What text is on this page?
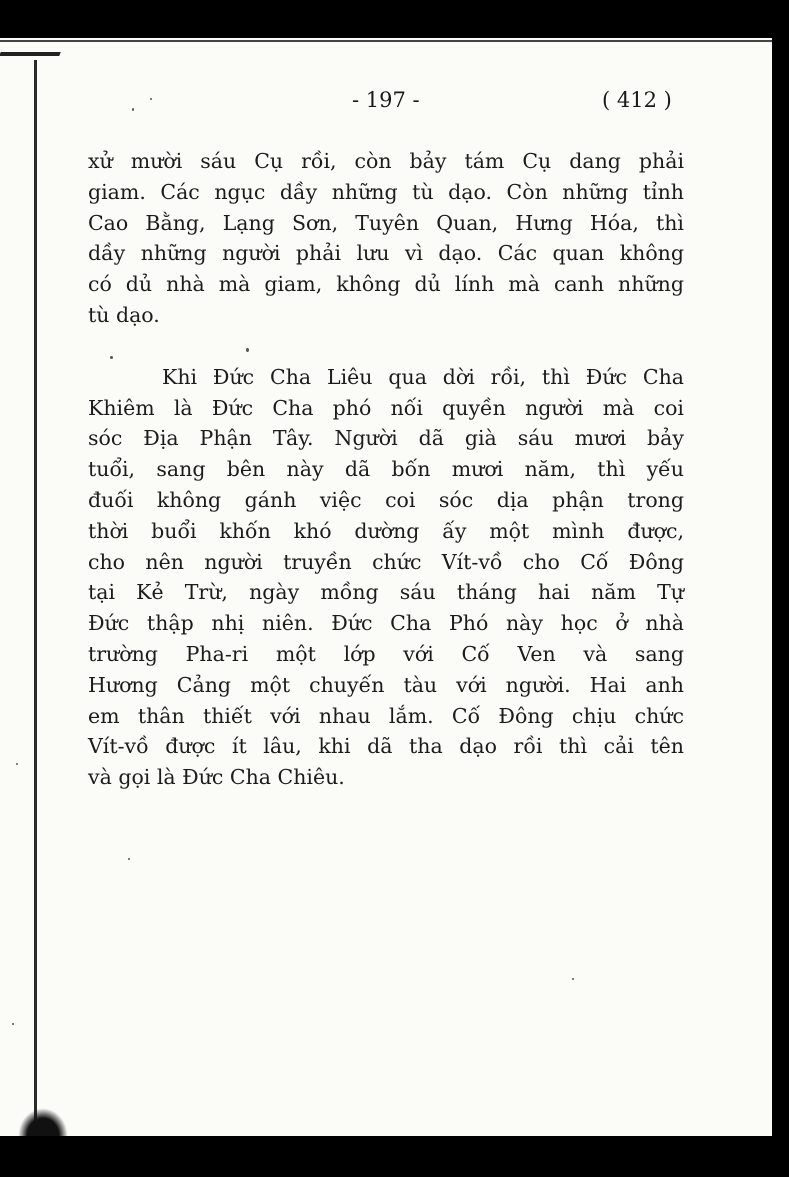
- 197 -	( 412 )
xử mười sáu Cụ rồi, còn bảy tám Cụ dang phải
giam. Các ngục dầy những tù dạo. Còn những tỉnh
Cao Bằng, Lạng Sơn, Tuyên Quan, Hưng Hóa, thì
dầy những người phải lưu vì dạo. Các quan không
có dủ nhà mà giam, không dủ lính mà canh những
tù dạo.
Khi Đức Cha Liêu qua dời rồi, thì Đức Cha
Khiêm là Đức Cha phó nối quyền người mà coi
sóc Địa Phận Tây. Người dã già sáu mươi bảy
tuổi, sang bên này dã bốn mươi năm, thì yếu
đuối không gánh việc coi sóc dịa phận trong
thời buổi khốn khó dường ấy một mình được,
cho nên người truyền chức Vít-vồ cho Cố Đông
tại Kẻ Trừ, ngày mồng sáu tháng hai năm Tự
Đức thập nhị niên. Đức Cha Phó này học ở nhà
trường Pha-ri một lớp với Cố Ven và sang
Hương Cảng một chuyến tàu với người. Hai anh
em thân thiết với nhau lắm. Cố Đông chịu chức
Vít-vồ được ít lâu, khi dã tha dạo rồi thì cải tên
và gọi là Đức Cha Chiêu.
